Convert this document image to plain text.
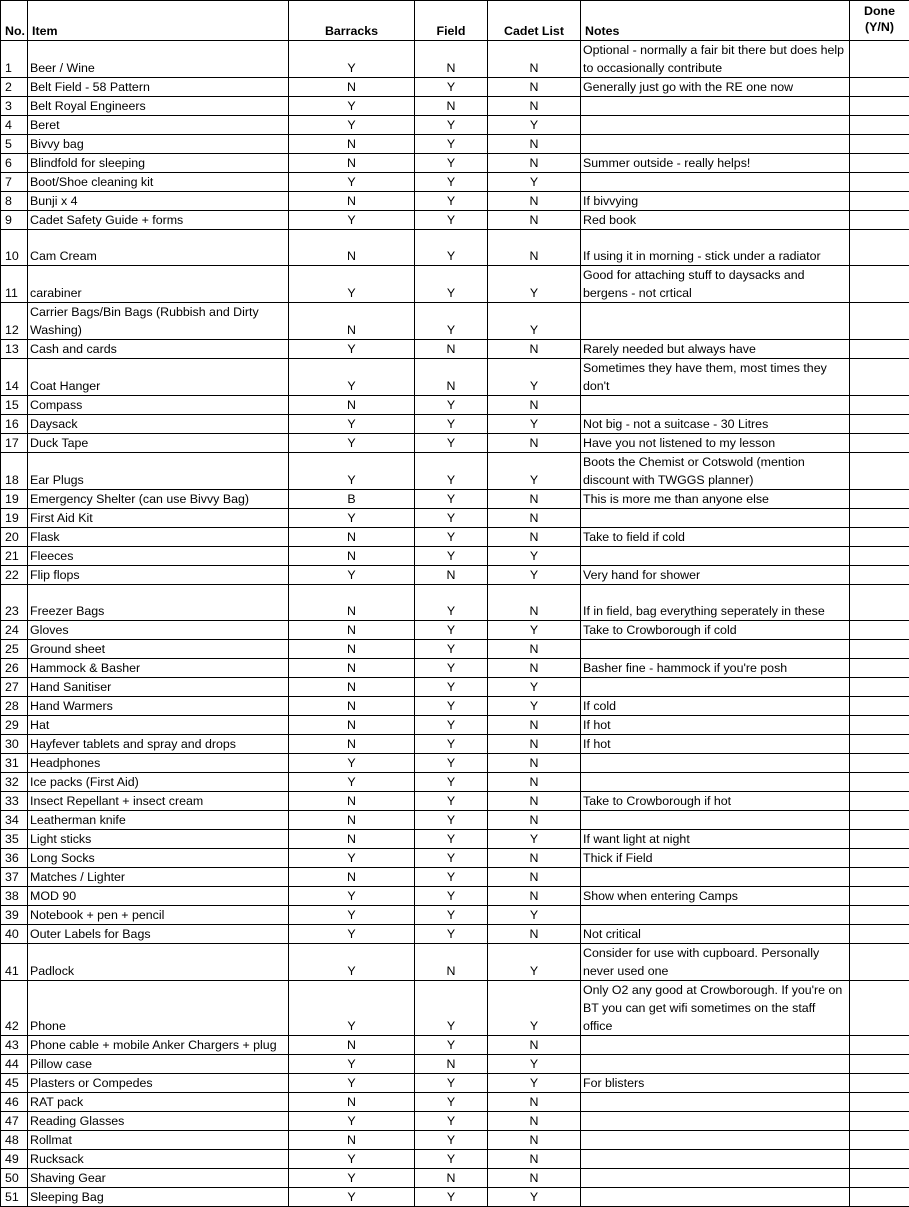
No.	Item	Barracks	Field	Cadet List	Notes	Done (Y/N)
1	Beer / Wine	Y	N	N	Optional - normally a fair bit there but does help to occasionally contribute	
2	Belt Field - 58 Pattern	N	Y	N	Generally just go with the RE one now	
3	Belt Royal Engineers	Y	N	N		
4	Beret	Y	Y	Y		
5	Bivvy bag	N	Y	N		
6	Blindfold for sleeping	N	Y	N	Summer outside - really helps!	
7	Boot/Shoe cleaning kit	Y	Y	Y		
8	Bunji x 4	N	Y	N	If bivvying	
9	Cadet Safety Guide + forms	Y	Y	N	Red book	
10	Cam Cream	N	Y	N	If using it in morning - stick under a radiator	
11	carabiner	Y	Y	Y	Good for attaching stuff to daysacks and bergens - not crtical	
12	Carrier Bags/Bin Bags (Rubbish and Dirty Washing)	N	Y	Y		
13	Cash and cards	Y	N	N	Rarely needed but always have	
14	Coat Hanger	Y	N	Y	Sometimes they have them, most times they don't	
15	Compass	N	Y	N		
16	Daysack	Y	Y	Y	Not big - not a suitcase - 30 Litres	
17	Duck Tape	Y	Y	N	Have you not listened to my lesson	
18	Ear Plugs	Y	Y	Y	Boots the Chemist or Cotswold (mention discount with TWGGS planner)	
19	Emergency Shelter (can use Bivvy Bag)	B	Y	N	This is more me than anyone else	
19	First Aid Kit	Y	Y	N		
20	Flask	N	Y	N	Take to field if cold	
21	Fleeces	N	Y	Y		
22	Flip flops	Y	N	Y	Very hand for shower	
23	Freezer Bags	N	Y	N	If in field, bag everything seperately in these	
24	Gloves	N	Y	Y	Take to Crowborough if cold	
25	Ground sheet	N	Y	N		
26	Hammock & Basher	N	Y	N	Basher fine - hammock if you're posh	
27	Hand Sanitiser	N	Y	Y		
28	Hand Warmers	N	Y	Y	If cold	
29	Hat	N	Y	N	If hot	
30	Hayfever tablets and spray and drops	N	Y	N	If hot	
31	Headphones	Y	Y	N		
32	Ice packs (First Aid)	Y	Y	N		
33	Insect Repellant + insect cream	N	Y	N	Take to Crowborough if hot	
34	Leatherman knife	N	Y	N		
35	Light sticks	N	Y	Y	If want light at night	
36	Long Socks	Y	Y	N	Thick if Field	
37	Matches / Lighter	N	Y	N		
38	MOD 90	Y	Y	N	Show when entering Camps	
39	Notebook + pen + pencil	Y	Y	Y		
40	Outer Labels for Bags	Y	Y	N	Not critical	
41	Padlock	Y	N	Y	Consider for use with cupboard. Personally never used one	
42	Phone	Y	Y	Y	Only O2 any good at Crowborough. If you're on BT you can get wifi sometimes on the staff office	
43	Phone cable + mobile Anker Chargers + plug	N	Y	N		
44	Pillow case	Y	N	Y		
45	Plasters or Compedes	Y	Y	Y	For blisters	
46	RAT pack	N	Y	N		
47	Reading Glasses	Y	Y	N		
48	Rollmat	N	Y	N		
49	Rucksack	Y	Y	N		
50	Shaving Gear	Y	N	N		
51	Sleeping Bag	Y	Y	Y		
